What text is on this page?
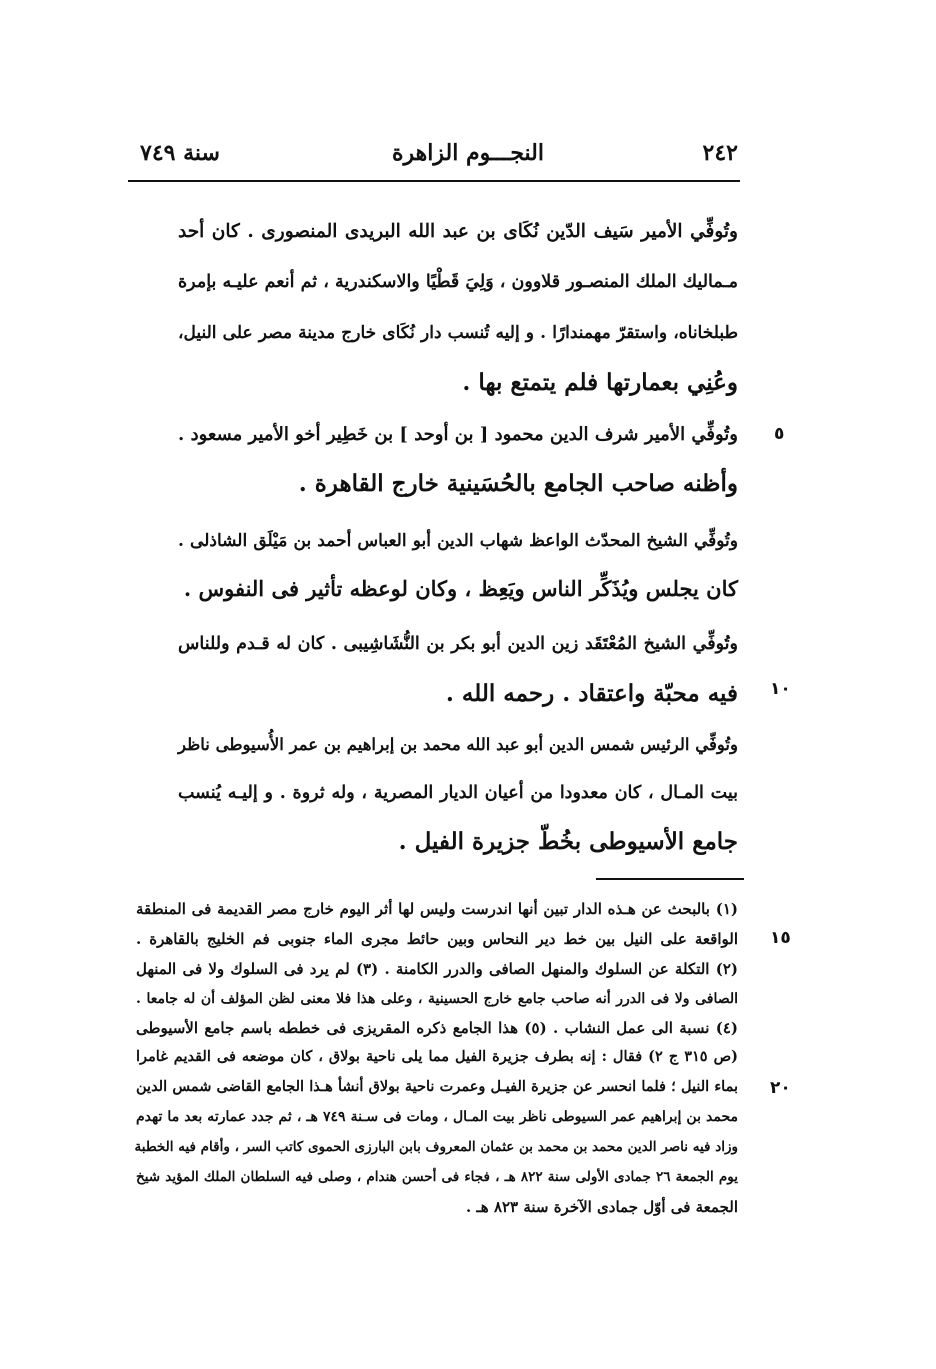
٢٤٢
النجـــوم الزاهرة
سنة ٧٤٩
وتُوفِّي الأمير سَيف الدّين نُكَاى بن عبد الله البريدى المنصورى . كان أحد
مـماليك الملك المنصـور قلاوون ، وَلِيَ قَطْيًا والاسكندرية ، ثم أنعم عليـه بإمرة
طبلخاناه، واستقرّ مهمندارًا . و إليه تُنسب دار نُكَاى خارج مدينة مصر على النيل،
وعُنِي بعمارتها فلم يتمتع بها .
وتُوفِّي الأمير شرف الدين محمود [ بن أوحد ] بن خَطِير أخو الأمير مسعود .
وأظنه صاحب الجامع بالحُسَينية خارج القاهرة .
وتُوفِّي الشيخ المحدّث الواعظ شهاب الدين أبو العباس أحمد بن مَيْلَق الشاذلى .
كان يجلس ويُذَكِّر الناس ويَعِظ ، وكان لوعظه تأثير فى النفوس .
وتُوفِّي الشيخ المُعْتَقَد زين الدين أبو بكر بن النُّشَاشِيبى . كان له قـدم وللناس
فيه محبّة واعتقاد . رحمه الله .
وتُوفِّي الرئيس شمس الدين أبو عبد الله محمد بن إبراهيم بن عمر الأُسيوطى ناظر
بيت المـال ، كان معدودا من أعيان الديار المصرية ، وله ثروة . و إليـه يُنسب
جامع الأسيوطى بخُطّ جزيرة الفيل .
(١) بالبحث عن هـذه الدار تبين أنها اندرست وليس لها أثر اليوم خارج مصر القديمة فى المنطقة
الواقعة على النيل بين خط دير النحاس وبين حائط مجرى الماء جنوبى فم الخليج بالقاهرة .
(٢) التكلة عن السلوك والمنهل الصافى والدرر الكامنة . (٣) لم يرد فى السلوك ولا فى المنهل
الصافى ولا فى الدرر أنه صاحب جامع خارج الحسينية ، وعلى هذا فلا معنى لظن المؤلف أن له جامعا .
(٤) نسبة الى عمل النشاب . (٥) هذا الجامع ذكره المقريزى فى خططه باسم جامع الأسيوطى
(ص ٣١٥ ج ٢) فقال : إنه بطرف جزيرة الفيل مما يلى ناحية بولاق ، كان موضعه فى القديم غامرا
بماء النيل ؛ فلما انحسر عن جزيرة الفيـل وعمرت ناحية بولاق أنشأ هـذا الجامع القاضى شمس الدين
محمد بن إبراهيم عمر السيوطى ناظر بيت المـال ، ومات فى سـنة ٧٤٩ هـ ، ثم جدد عمارته بعد ما تهدم
وزاد فيه ناصر الدين محمد بن محمد بن عثمان المعروف بابن البارزى الحموى كاتب السر ، وأقام فيه الخطبة
يوم الجمعة ٢٦ جمادى الأولى سنة ٨٢٢ هـ ، فجاء فى أحسن هندام ، وصلى فيه السلطان الملك المؤيد شيخ
الجمعة فى أوّل جمادى الآخرة سنة ٨٢٣ هـ .
٥
١٠
١٥
٢٠
